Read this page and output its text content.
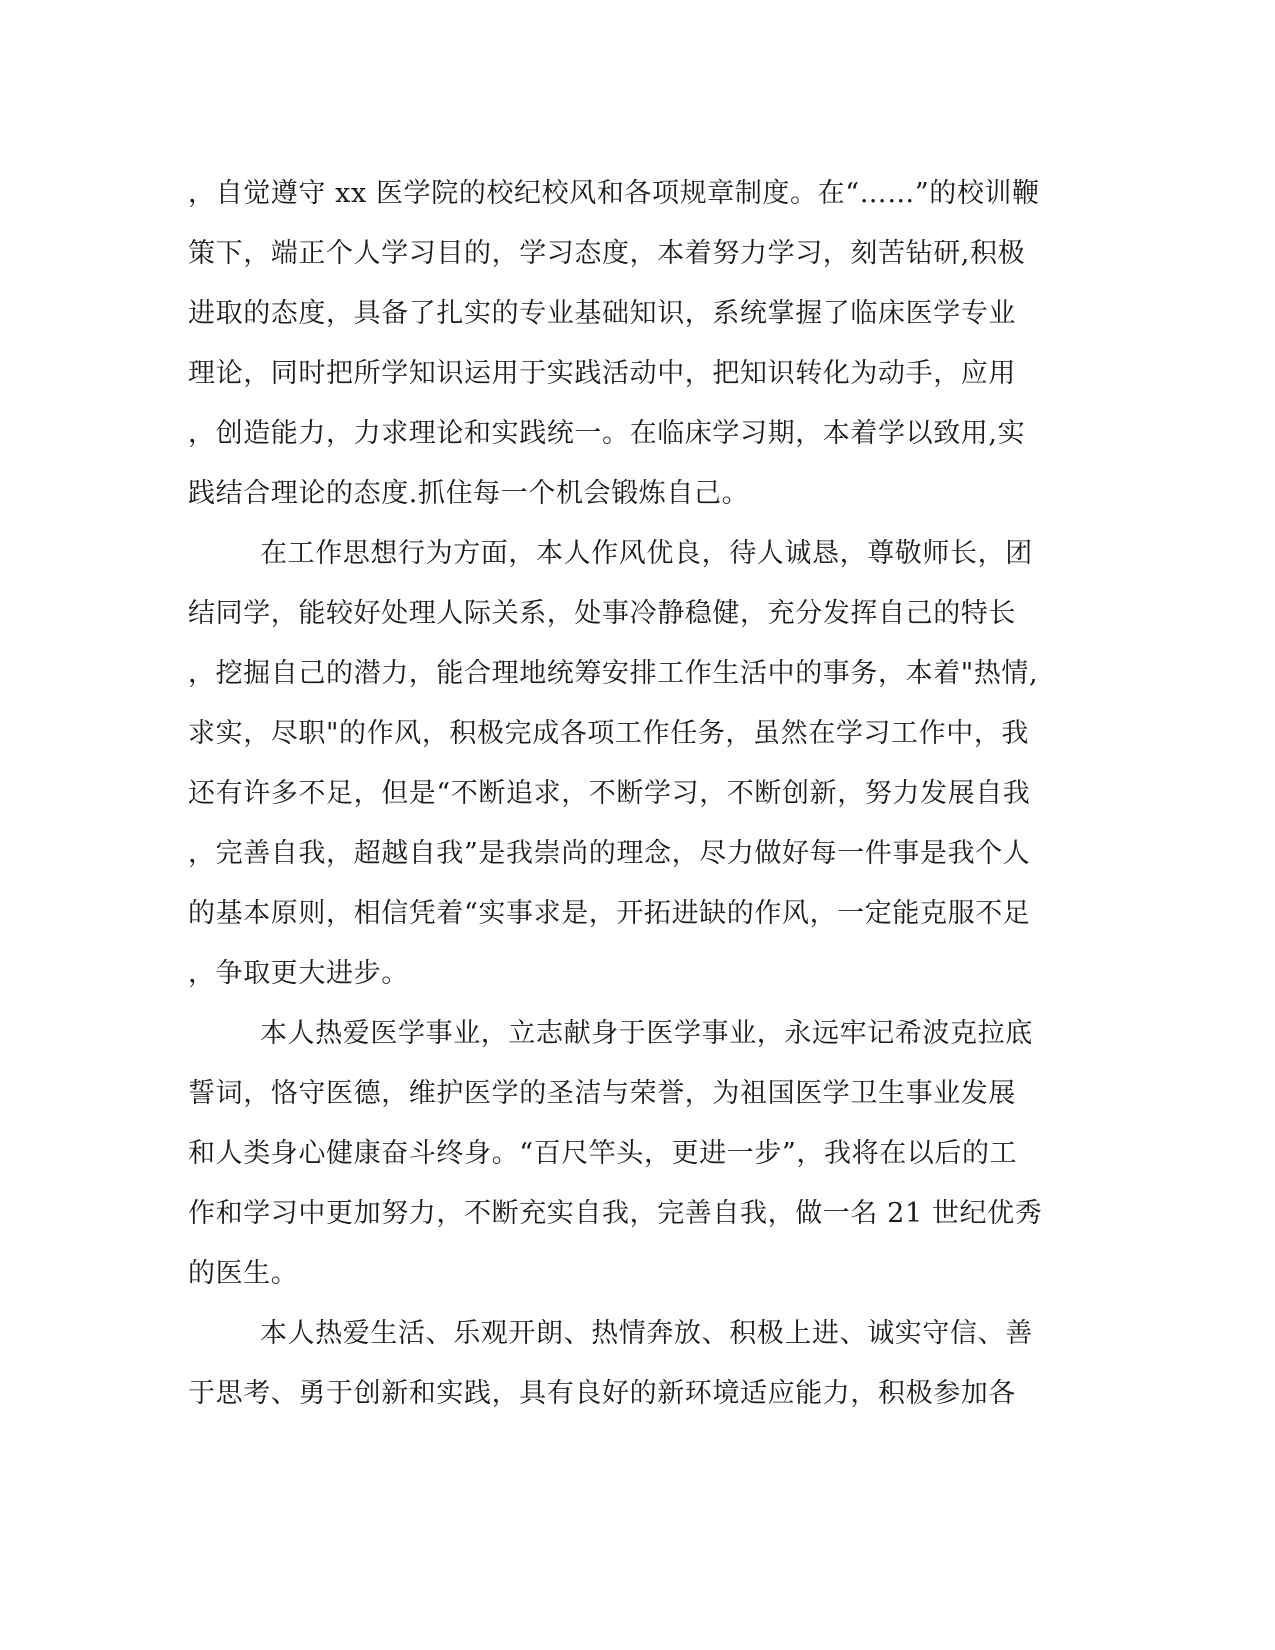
，自觉遵守 xx 医学院的校纪校风和各项规章制度。在“……”的校训鞭
策下，端正个人学习目的，学习态度，本着努力学习，刻苦钻研,积极
进取的态度，具备了扎实的专业基础知识，系统掌握了临床医学专业
理论，同时把所学知识运用于实践活动中，把知识转化为动手，应用
，创造能力，力求理论和实践统一。在临床学习期，本着学以致用,实
践结合理论的态度.抓住每一个机会锻炼自己。
在工作思想行为方面，本人作风优良，待人诚恳，尊敬师长，团
结同学，能较好处理人际关系，处事冷静稳健，充分发挥自己的特长
，挖掘自己的潜力，能合理地统筹安排工作生活中的事务，本着"热情,
求实，尽职"的作风，积极完成各项工作任务，虽然在学习工作中，我
还有许多不足，但是“不断追求，不断学习，不断创新，努力发展自我
，完善自我，超越自我”是我崇尚的理念，尽力做好每一件事是我个人
的基本原则，相信凭着“实事求是，开拓进缺的作风，一定能克服不足
，争取更大进步。
本人热爱医学事业，立志献身于医学事业，永远牢记希波克拉底
誓词，恪守医德，维护医学的圣洁与荣誉，为祖国医学卫生事业发展
和人类身心健康奋斗终身。“百尺竿头，更进一步”，我将在以后的工
作和学习中更加努力，不断充实自我，完善自我，做一名 21 世纪优秀
的医生。
本人热爱生活、乐观开朗、热情奔放、积极上进、诚实守信、善
于思考、勇于创新和实践，具有良好的新环境适应能力，积极参加各
